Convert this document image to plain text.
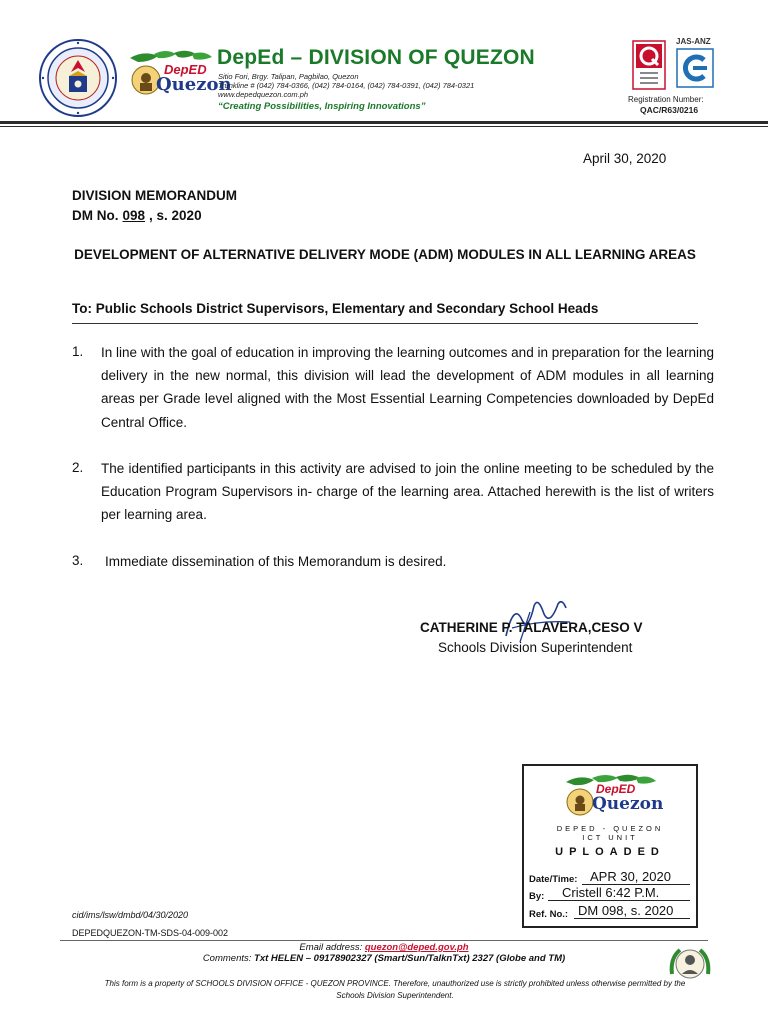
DepED
Quezon
DepEd – DIVISION OF QUEZON
Sitio Fori, Brgy. Talipan, Pagbilao, Quezon
Trunkline # (042) 784-0366, (042) 784-0164, (042) 784-0391, (042) 784-0321
www.depedquezon.com.ph
“Creating Possibilities, Inspiring Innovations”
JAS-ANZ
Registration Number:
QAC/R63/0216
April 30, 2020
DIVISION MEMORANDUM
DM No. 098 , s. 2020
DEVELOPMENT OF ALTERNATIVE DELIVERY MODE (ADM) MODULES IN ALL LEARNING AREAS
To: Public Schools District Supervisors, Elementary and Secondary School Heads
1. In line with the goal of education in improving the learning outcomes and in preparation for the learning delivery in the new normal, this division will lead the development of ADM modules in all learning areas per Grade level aligned with the Most Essential Learning Competencies downloaded by DepEd Central Office.
2. The identified participants in this activity are advised to join the online meeting to be scheduled by the Education Program Supervisors in- charge of the learning area. Attached herewith is the list of writers per learning area.
3. Immediate dissemination of this Memorandum is desired.
CATHERINE P. TALAVERA,CESO V
Schools Division Superintendent
DepED
Quezon
DEPED - QUEZON
ICT UNIT
UPLOADED
Date/Time: APR 30, 2020
By: Cristell 6:42 P.M.
Ref. No.: DM 098, s. 2020
cid/ims/lsw/dmbd/04/30/2020
DEPEDQUEZON-TM-SDS-04-009-002
Email address: quezon@deped.gov.ph
Comments: Txt HELEN – 09178902327 (Smart/Sun/TalknTxt) 2327 (Globe and TM)
This form is a property of SCHOOLS DIVISION OFFICE - QUEZON PROVINCE. Therefore, unauthorized use is strictly prohibited unless otherwise permitted by the Schools Division Superintendent.
